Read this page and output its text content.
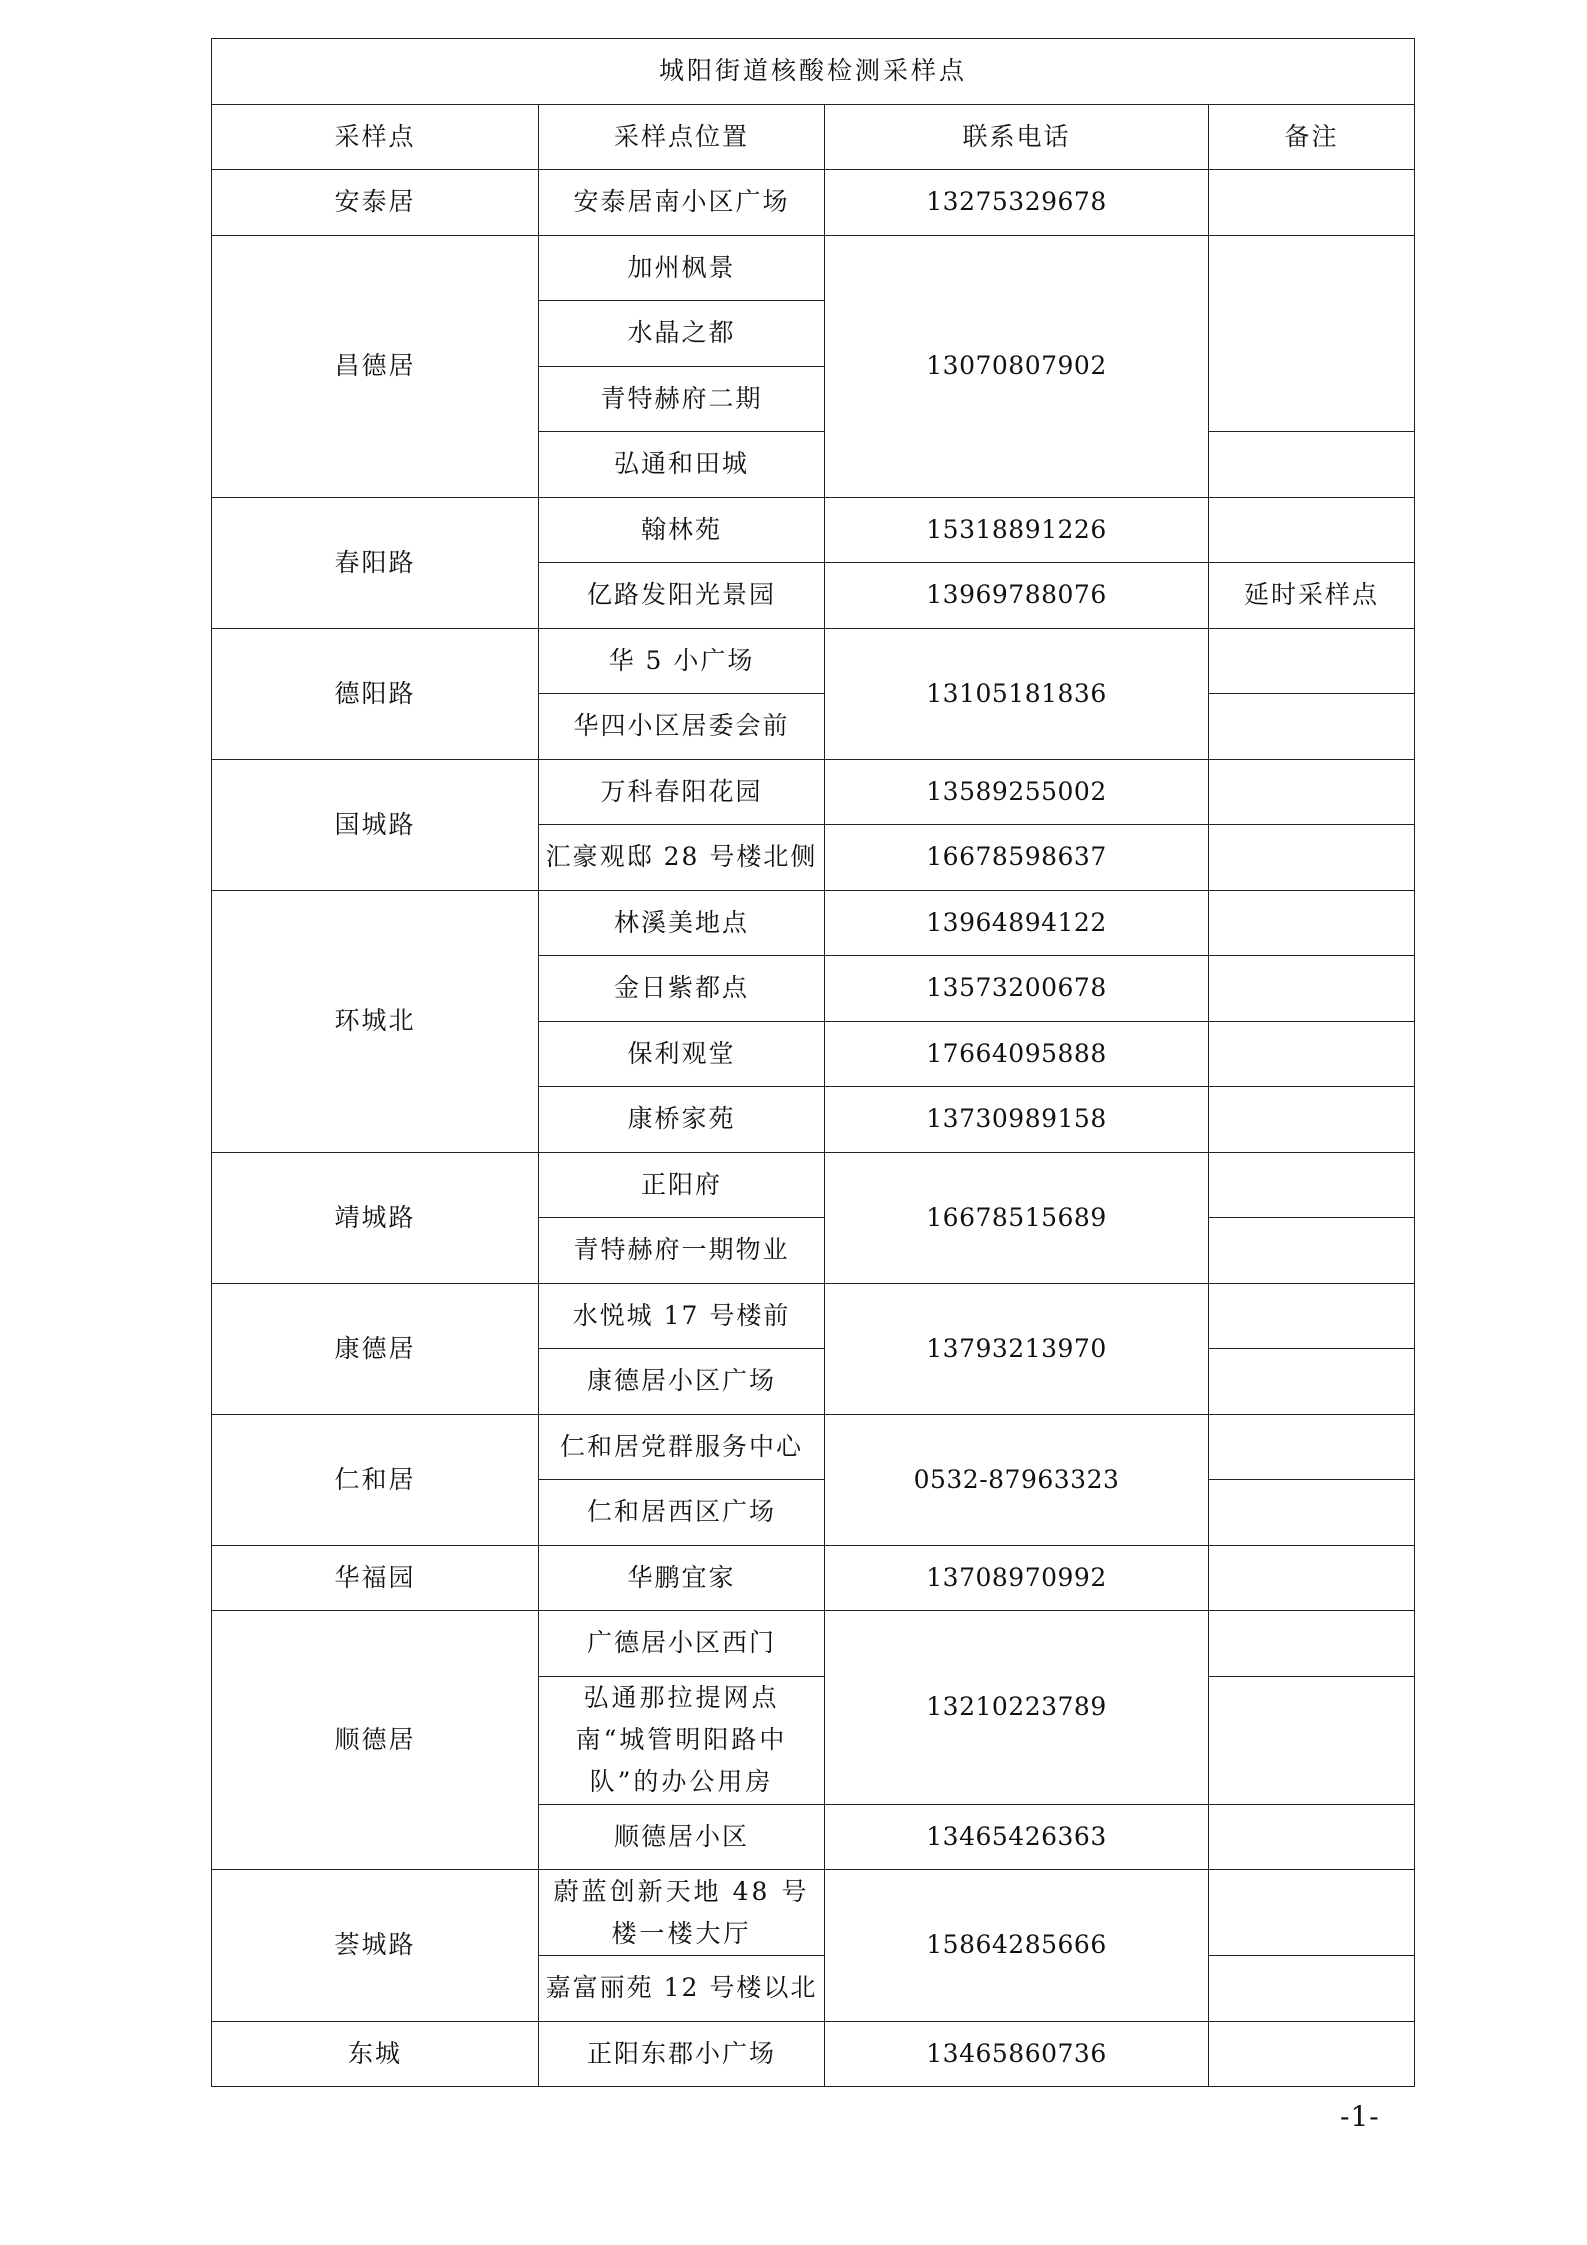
城阳街道核酸检测采样点			
采样点	采样点位置	联系电话	备注
安泰居	安泰居南小区广场	13275329678	
昌德居	加州枫景	13070807902	
	水晶之都		
	青特赫府二期		
	弘通和田城		
春阳路	翰林苑	15318891226	
	亿路发阳光景园	13969788076	延时采样点
德阳路	华 5 小广场	13105181836	
	华四小区居委会前		
国城路	万科春阳花园	13589255002	
	汇豪观邸 28 号楼北侧	16678598637	
环城北	林溪美地点	13964894122	
	金日紫都点	13573200678	
	保利观堂	17664095888	
	康桥家苑	13730989158	
靖城路	正阳府	16678515689	
	青特赫府一期物业		
康德居	水悦城 17 号楼前	13793213970	
	康德居小区广场		
仁和居	仁和居党群服务中心	0532-87963323	
	仁和居西区广场		
华福园	华鹏宜家	13708970992	
顺德居	广德居小区西门	13210223789	
	弘通那拉提网点南“城管明阳路中队”的办公用房		
	顺德居小区	13465426363	
荟城路	蔚蓝创新天地 48 号楼一楼大厅	15864285666	
	嘉富丽苑 12 号楼以北		
东城	正阳东郡小广场	13465860736	
-1-
